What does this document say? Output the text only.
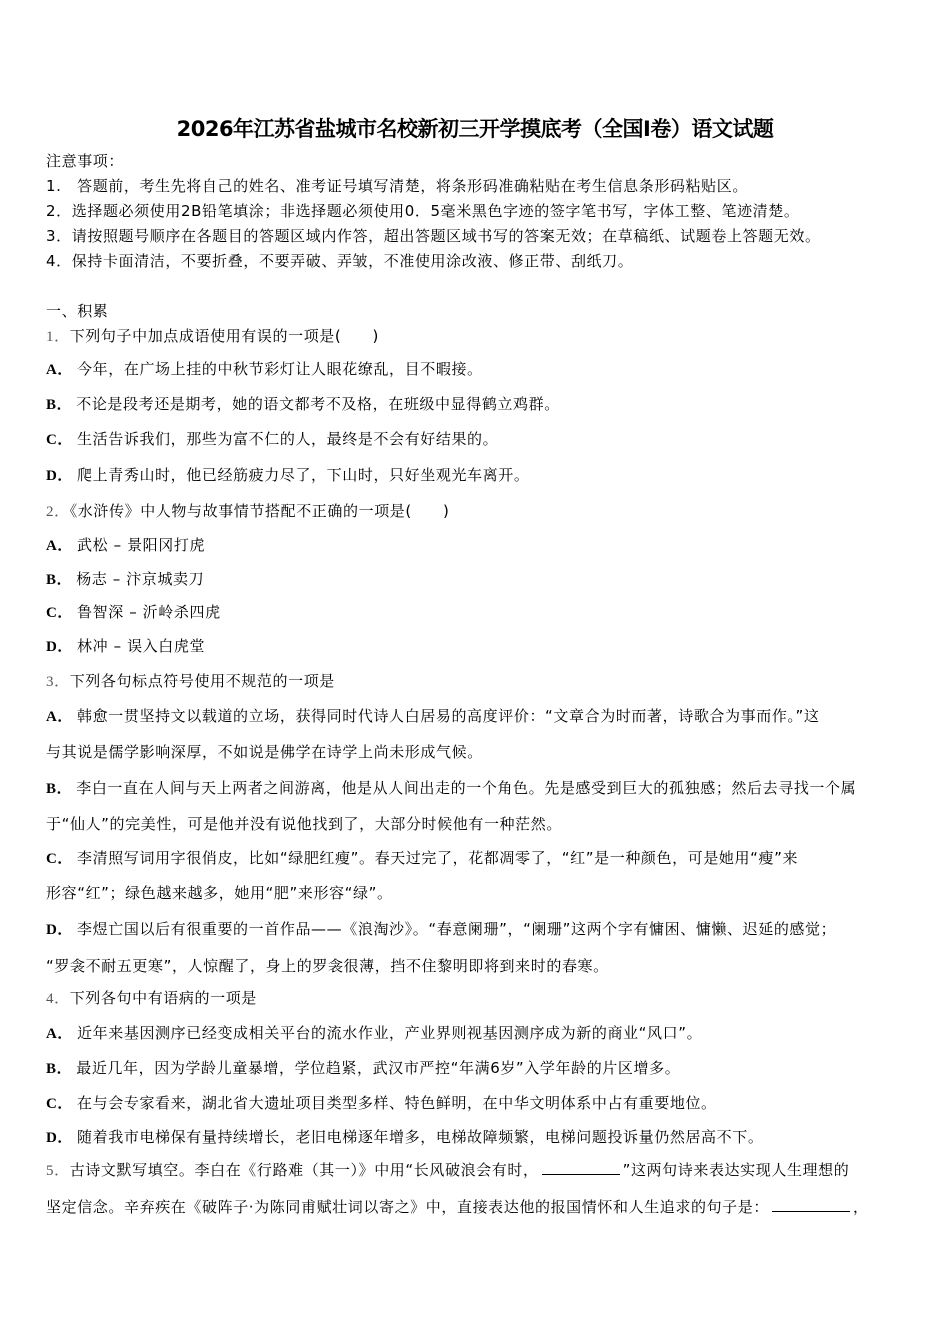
2026年江苏省盐城市名校新初三开学摸底考（全国I卷）语文试题
注意事项：
1.　答题前，考生先将自己的姓名、准考证号填写清楚，将条形码准确粘贴在考生信息条形码粘贴区。
2．选择题必须使用2B铅笔填涂；非选择题必须使用0．5毫米黑色字迹的签字笔书写，字体工整、笔迹清楚。
3．请按照题号顺序在各题目的答题区域内作答，超出答题区域书写的答案无效；在草稿纸、试题卷上答题无效。
4．保持卡面清洁，不要折叠，不要弄破、弄皱，不准使用涂改液、修正带、刮纸刀。
一、积累
1．下列句子中加点成语使用有误的一项是(　　)
A． 今年，在广场上挂的中秋节彩灯让人眼花缭乱，目不暇接。
B． 不论是段考还是期考，她的语文都考不及格，在班级中显得鹤立鸡群。
C． 生活告诉我们，那些为富不仁的人，最终是不会有好结果的。
D． 爬上青秀山时，他已经筋疲力尽了，下山时，只好坐观光车离开。
2．《水浒传》中人物与故事情节搭配不正确的一项是(　　)
A． 武松 – 景阳冈打虎
B． 杨志 – 汴京城卖刀
C． 鲁智深 – 沂岭杀四虎
D． 林冲 – 误入白虎堂
3．下列各句标点符号使用不规范的一项是
A． 韩愈一贯坚持文以载道的立场，获得同时代诗人白居易的高度评价：“文章合为时而著，诗歌合为事而作。”这
与其说是儒学影响深厚，不如说是佛学在诗学上尚未形成气候。
B． 李白一直在人间与天上两者之间游离，他是从人间出走的一个角色。先是感受到巨大的孤独感；然后去寻找一个属
于“仙人”的完美性，可是他并没有说他找到了，大部分时候他有一种茫然。
C． 李清照写词用字很俏皮，比如“绿肥红瘦”。春天过完了，花都凋零了，“红”是一种颜色，可是她用“瘦”来
形容“红”；绿色越来越多，她用“肥”来形容“绿”。
D． 李煜亡国以后有很重要的一首作品——《浪淘沙》。“春意阑珊”，“阑珊”这两个字有慵困、慵懒、迟延的感觉；
“罗衾不耐五更寒”，人惊醒了，身上的罗衾很薄，挡不住黎明即将到来时的春寒。
4．下列各句中有语病的一项是
A． 近年来基因测序已经变成相关平台的流水作业，产业界则视基因测序成为新的商业“风口”。
B． 最近几年，因为学龄儿童暴增，学位趋紧，武汉市严控“年满6岁”入学年龄的片区增多。
C． 在与会专家看来，湖北省大遗址项目类型多样、特色鲜明，在中华文明体系中占有重要地位。
D． 随着我市电梯保有量持续增长，老旧电梯逐年增多，电梯故障频繁，电梯问题投诉量仍然居高不下。
5．古诗文默写填空。李白在《行路难（其一）》中用“长风破浪会有时，	”这两句诗来表达实现人生理想的
坚定信念。辛弃疾在《破阵子·为陈同甫赋壮词以寄之》中，直接表达他的报国情怀和人生追求的句子是：	，
